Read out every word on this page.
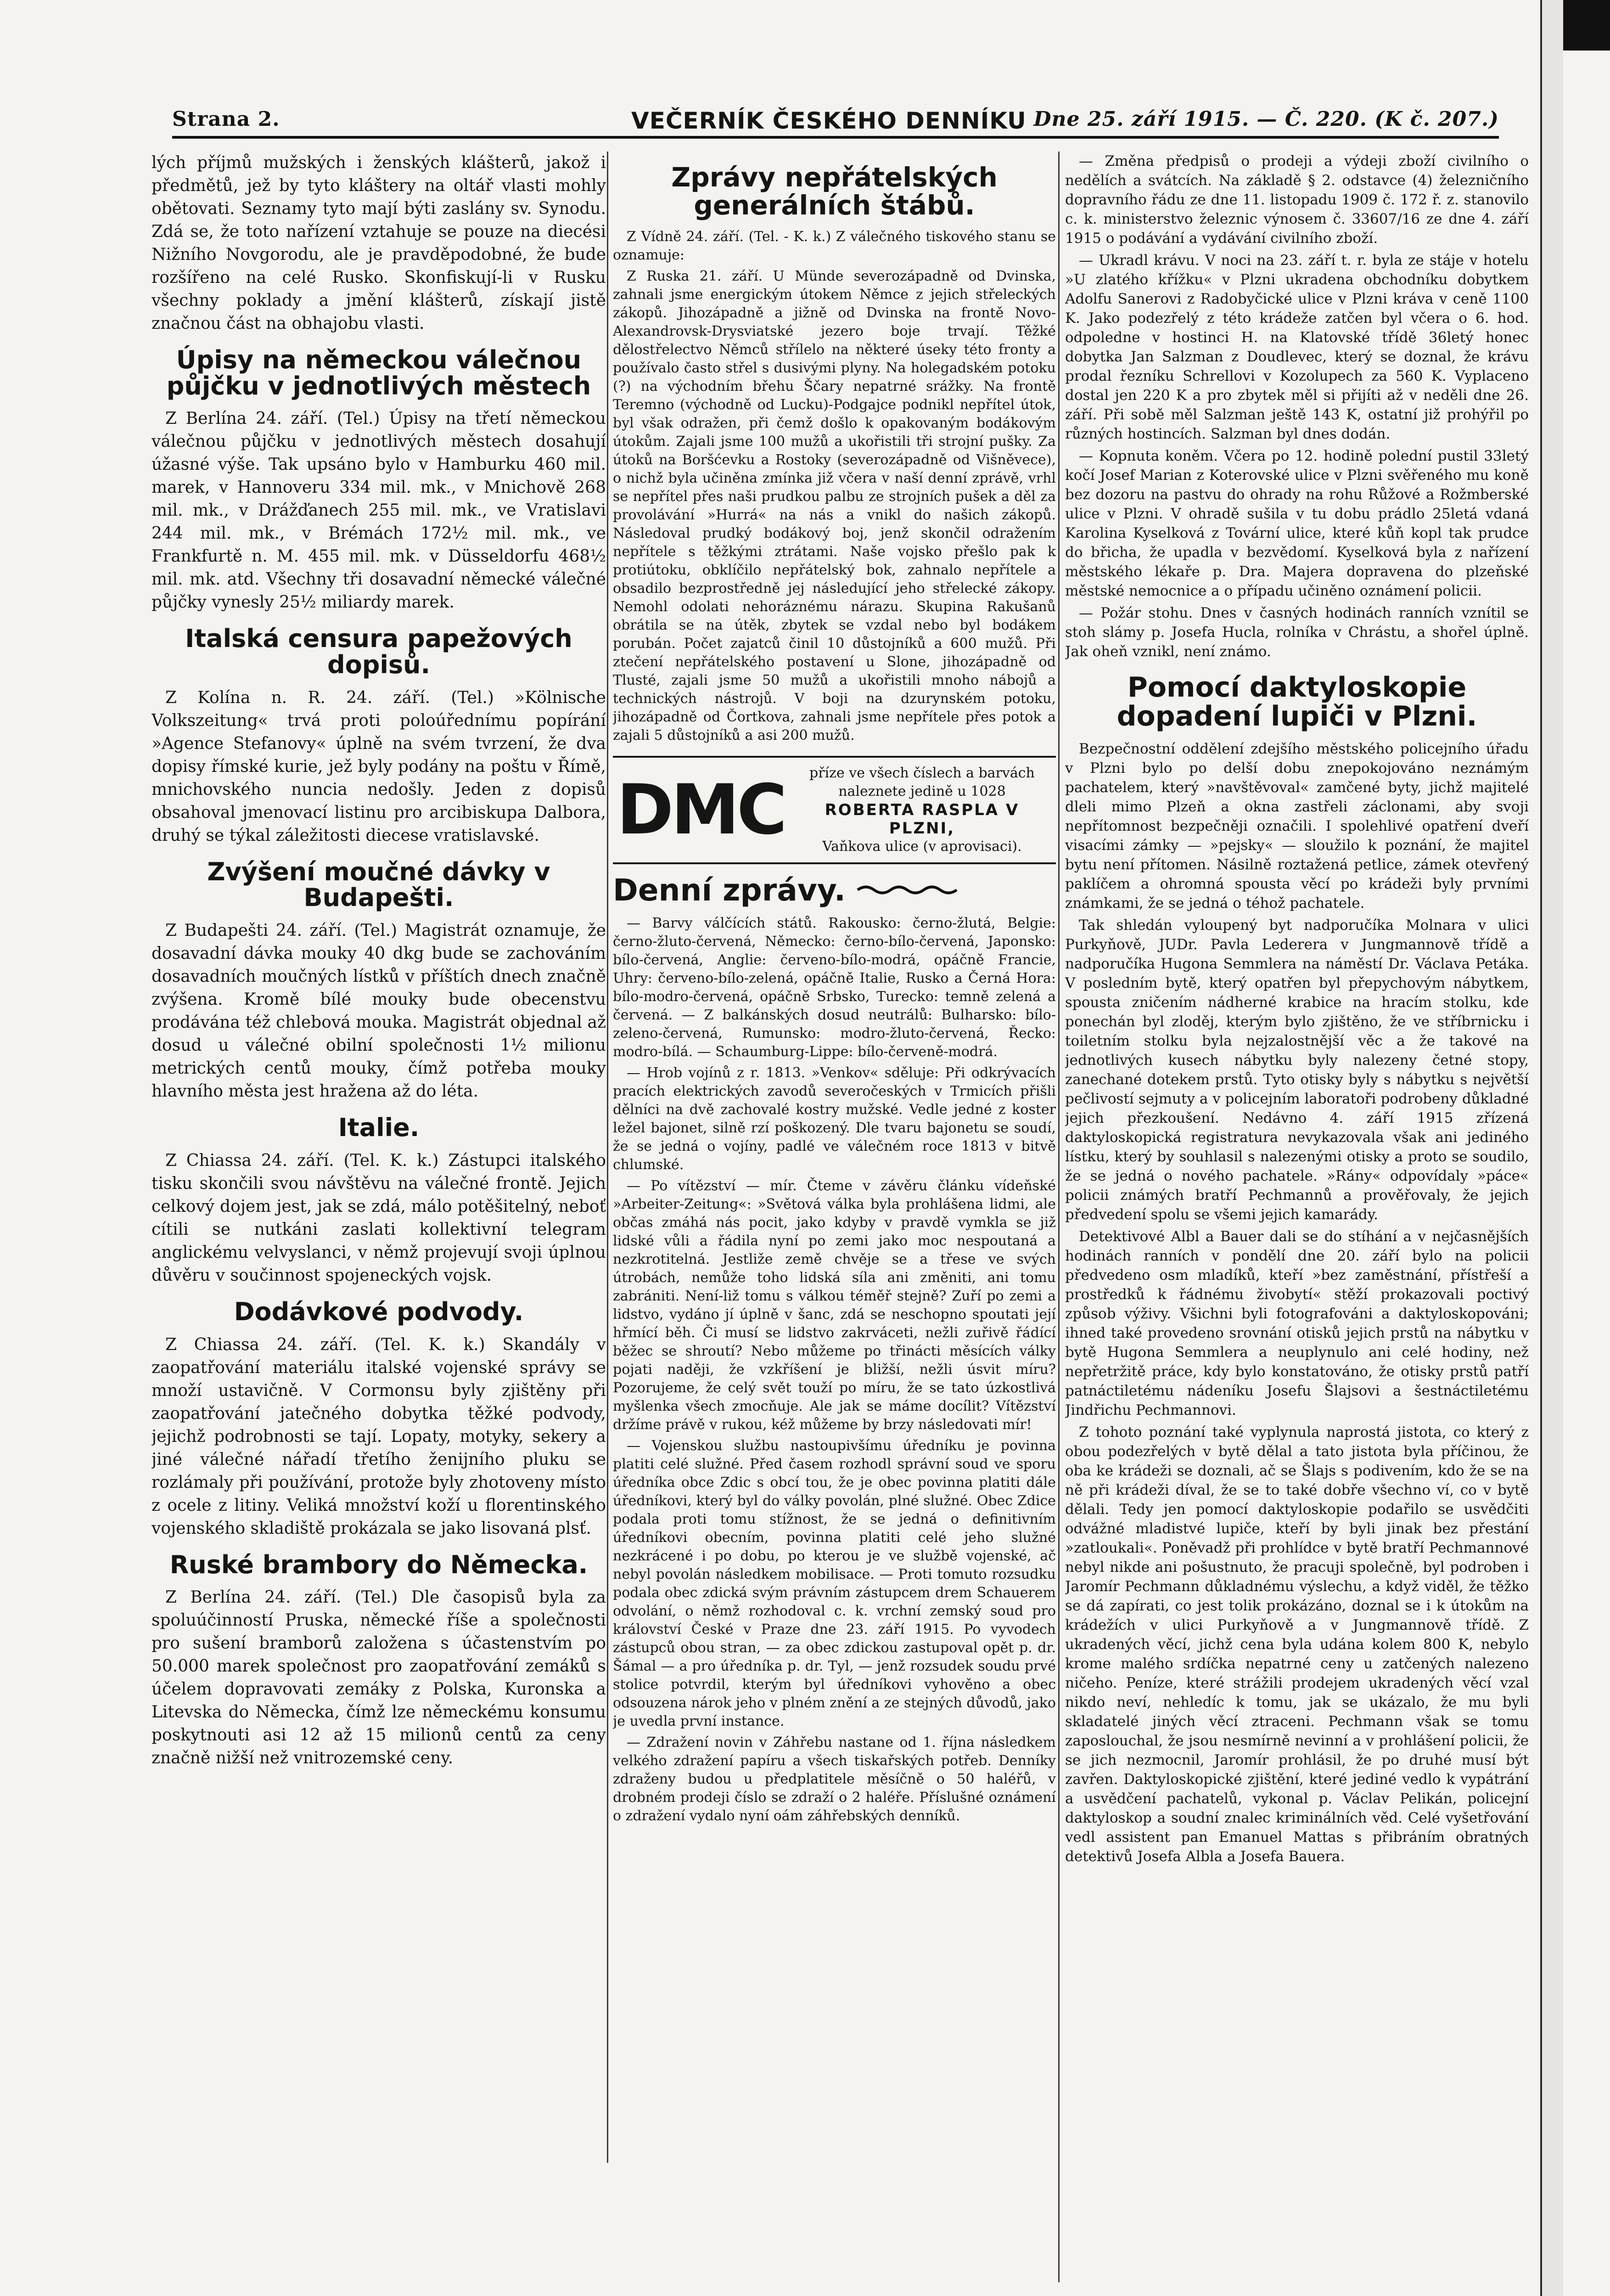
Strana 2.	VEČERNÍK ČESKÉHO DENNÍKU Dne 25. září 1915. — Č. 220. (K č. 207.)

lých příjmů mužských i ženských klášterů, jakož i předmětů, jež by tyto kláštery na oltář vlasti mohly obětovati. Seznamy tyto mají býti zaslány sv. Synodu. Zdá se, že toto nařízení vztahuje se pouze na diecési Nižního Novgorodu, ale je pravděpodobné, že bude rozšířeno na celé Rusko. Skonfiskují-li v Rusku všechny poklady a jmění klášterů, získají jistě značnou část na obhajobu vlasti.

Úpisy na německou válečnou půjčku v jednotlivých městech

Z Berlína 24. září. (Tel.) Úpisy na třetí německou válečnou půjčku v jednotlivých městech dosahují úžasné výše. Tak upsáno bylo v Hamburku 460 mil. marek, v Hannoveru 334 mil. mk., v Mnichově 268 mil. mk., v Drážďanech 255 mil. mk., ve Vratislavi 244 mil. mk., v Brémách 172½ mil. mk., ve Frankfurtě n. M. 455 mil. mk. v Düsseldorfu 468½ mil. mk. atd. Všechny tři dosavadní německé válečné půjčky vynesly 25½ miliardy marek.

Italská censura papežových dopisů.

Z Kolína n. R. 24. září. (Tel.) »Kölnische Volkszeitung« trvá proti poloúřednímu popírání »Agence Stefanovy« úplně na svém tvrzení, že dva dopisy římské kurie, jež byly podány na poštu v Římě, mnichovského nuncia nedošly. Jeden z dopisů obsahoval jmenovací listinu pro arcibiskupa Dalbora, druhý se týkal záležitosti diecese vratislavské.

Zvýšení moučné dávky v Budapešti.

Z Budapešti 24. září. (Tel.) Magistrát oznamuje, že dosavadní dávka mouky 40 dkg bude se zachováním dosavadních moučných lístků v příštích dnech značně zvýšena. Kromě bílé mouky bude obecenstvu prodávána též chlebová mouka. Magistrát objednal až dosud u válečné obilní společnosti 1½ milionu metrických centů mouky, čímž potřeba mouky hlavního města jest hražena až do léta.

Italie.

Z Chiassa 24. září. (Tel. K. k.) Zástupci italského tisku skončili svou návštěvu na válečné frontě. Jejich celkový dojem jest, jak se zdá, málo potěšitelný, neboť cítili se nutkáni zaslati kollektivní telegram anglickému velvyslanci, v němž projevují svoji úplnou důvěru v součinnost spojeneckých vojsk.

Dodávkové podvody.

Z Chiassa 24. září. (Tel. K. k.) Skandály v zaopatřování materiálu italské vojenské správy se množí ustavičně. V Cormonsu byly zjištěny při zaopatřování jatečného dobytka těžké podvody, jejichž podrobnosti se tají. Lopaty, motyky, sekery a jiné válečné nářadí třetího ženijního pluku se rozlámaly při používání, protože byly zhotoveny místo z ocele z litiny. Veliká množství koží u florentinského vojenského skladiště prokázala se jako lisovaná plsť.

Ruské brambory do Německa.

Z Berlína 24. září. (Tel.) Dle časopisů byla za spoluúčinností Pruska, německé říše a společnosti pro sušení bramborů založena s účastenstvím po 50.000 marek společnost pro zaopatřování zemáků s účelem dopravovati zemáky z Polska, Kuronska a Litevska do Německa, čímž lze německému konsumu poskytnouti asi 12 až 15 milionů centů za ceny značně nižší než vnitrozemské ceny.

Zprávy nepřátelských generálních štábů.

Z Vídně 24. září. (Tel. - K. k.) Z válečného tiskového stanu se oznamuje:

Z Ruska 21. září. U Münde severozápadně od Dvinska, zahnali jsme energickým útokem Němce z jejich střeleckých zákopů. Jihozápadně a jižně od Dvinska na frontě Novo-Alexandrovsk-Drysviatské jezero boje trvají. Těžké dělostřelectvo Němců střílelo na některé úseky této fronty a používalo často střel s dusivými plyny. Na holegadském potoku (?) na východním břehu Ščary nepatrné srážky. Na frontě Teremno (východně od Lucku)-Podgajce podnikl nepřítel útok, byl však odražen, při čemž došlo k opakovaným bodákovým útokům. Zajali jsme 100 mužů a ukořistili tři strojní pušky. Za útoků na Boršćevku a Rostoky (severozápadně od Višněvece), o nichž byla učiněna zmínka již včera v naší denní zprávě, vrhl se nepřítel přes naši prudkou palbu ze strojních pušek a děl za provolávání »Hurrá« na nás a vnikl do našich zákopů. Následoval prudký bodákový boj, jenž skončil odražením nepřítele s těžkými ztrátami. Naše vojsko přešlo pak k protiútoku, obklíčilo nepřátelský bok, zahnalo nepřítele a obsadilo bezprostředně jej následující jeho střelecké zákopy. Nemohl odolati nehoráznému nárazu. Skupina Rakušanů obrátila se na útěk, zbytek se vzdal nebo byl bodákem porubán. Počet zajatců činil 10 důstojníků a 600 mužů. Při ztečení nepřátelského postavení u Slone, jihozápadně od Tlusté, zajali jsme 50 mužů a ukořistili mnoho nábojů a technických nástrojů. V boji na dzurynském potoku, jihozápadně od Čortkova, zahnali jsme nepřítele přes potok a zajali 5 důstojníků a asi 200 mužů.

DMC	příze ve všech číslech a barvách naleznete jedině u 1028
ROBERTA RASPLA V PLZNI,
Vaňkova ulice (v aprovisaci).
Denní zprávy.

— Barvy válčících států. Rakousko: černo-žlutá, Belgie: černo-žluto-červená, Německo: černo-bílo-červená, Japonsko: bílo-červená, Anglie: červeno-bílo-modrá, opáčně Francie, Uhry: červeno-bílo-zelená, opáčně Italie, Rusko a Černá Hora: bílo-modro-červená, opáčně Srbsko, Turecko: temně zelená a červená. — Z balkánských dosud neutrálů: Bulharsko: bílo-zeleno-červená, Rumunsko: modro-žluto-červená, Řecko: modro-bílá. — Schaumburg-Lippe: bílo-červeně-modrá.

— Hrob vojínů z r. 1813. »Venkov« sděluje: Při odkrývacích pracích elektrických zavodů severočeských v Trmicích přišli dělníci na dvě zachovalé kostry mužské. Vedle jedné z koster ležel bajonet, silně rzí poškozený. Dle tvaru bajonetu se soudí, že se jedná o vojíny, padlé ve válečném roce 1813 v bitvě chlumské.

— Po vítězství — mír. Čteme v závěru článku vídeňské »Arbeiter-Zeitung«: »Světová válka byla prohlášena lidmi, ale občas zmáhá nás pocit, jako kdyby v pravdě vymkla se již lidské vůli a řádila nyní po zemi jako moc nespoutaná a nezkrotitelná. Jestliže země chvěje se a třese ve svých útrobách, nemůže toho lidská síla ani změniti, ani tomu zabrániti. Není-liž tomu s válkou téměř stejně? Zuří po zemi a lidstvo, vydáno jí úplně v šanc, zdá se neschopno spoutati její hřmící běh. Či musí se lidstvo zakrváceti, nežli zuřivě řádící běžec se shroutí? Nebo můžeme po třinácti měsících války pojati naději, že vzkříšení je bližší, nežli úsvit míru? Pozorujeme, že celý svět touží po míru, že se tato úzkostlivá myšlenka všech zmocňuje. Ale jak se máme docílit? Vítězství držíme právě v rukou, kéž můžeme by brzy následovati mír!

— Vojenskou službu nastoupivšímu úředníku je povinna platiti celé služné. Před časem rozhodl správní soud ve sporu úředníka obce Zdic s obcí tou, že je obec povinna platiti dále úředníkovi, který byl do války povolán, plné služné. Obec Zdice podala proti tomu stížnost, že se jedná o definitivním úředníkovi obecním, povinna platiti celé jeho služné nezkrácené i po dobu, po kterou je ve službě vojenské, ač nebyl povolán následkem mobilisace. — Proti tomuto rozsudku podala obec zdická svým právním zástupcem drem Schauerem odvolání, o němž rozhodoval c. k. vrchní zemský soud pro království České v Praze dne 23. září 1915. Po vyvodech zástupců obou stran, — za obec zdickou zastupoval opět p. dr. Šámal — a pro úředníka p. dr. Tyl, — jenž rozsudek soudu prvé stolice potvrdil, kterým byl úředníkovi vyhověno a obec odsouzena nárok jeho v plném znění a ze stejných důvodů, jako je uvedla první instance.

— Zdražení novin v Záhřebu nastane od 1. října následkem velkého zdražení papíru a všech tiskařských potřeb. Denníky zdraženy budou u předplatitele měsíčně o 50 haléřů, v drobném prodeji číslo se zdraží o 2 haléře. Příslušné oznámení o zdražení vydalo nyní oám záhřebských denníků.

— Změna předpisů o prodeji a výdeji zboží civilního o nedělích a svátcích. Na základě § 2. odstavce (4) železničního dopravního řádu ze dne 11. listopadu 1909 č. 172 ř. z. stanovilo c. k. ministerstvo železnic výnosem č. 33607/16 ze dne 4. září 1915 o podávání a vydávání civilního zboží.

— Ukradl krávu. V noci na 23. září t. r. byla ze stáje v hotelu »U zlatého křížku« v Plzni ukradena obchodníku dobytkem Adolfu Sanerovi z Radobyčické ulice v Plzni kráva v ceně 1100 K. Jako podezřelý z této krádeže zatčen byl včera o 6. hod. odpoledne v hostinci H. na Klatovské třídě 36letý honec dobytka Jan Salzman z Doudlevec, který se doznal, že krávu prodal řezníku Schrellovi v Kozolupech za 560 K. Vyplaceno dostal jen 220 K a pro zbytek měl si přijíti až v neděli dne 26. září. Při sobě měl Salzman ještě 143 K, ostatní již prohýřil po různých hostincích. Salzman byl dnes dodán.

— Kopnuta koněm. Včera po 12. hodině polední pustil 33letý kočí Josef Marian z Koterovské ulice v Plzni svěřeného mu koně bez dozoru na pastvu do ohrady na rohu Růžové a Rožmberské ulice v Plzni. V ohradě sušila v tu dobu prádlo 25letá vdaná Karolina Kyselková z Tovární ulice, které kůň kopl tak prudce do břicha, že upadla v bezvědomí. Kyselková byla z nařízení městského lékaře p. Dra. Majera dopravena do plzeňské městské nemocnice a o případu učiněno oznámení policii.

— Požár stohu. Dnes v časných hodinách ranních vznítil se stoh slámy p. Josefa Hucla, rolníka v Chrástu, a shořel úplně. Jak oheň vznikl, není známo.

Pomocí daktyloskopie dopadení lupiči v Plzni.

Bezpečnostní oddělení zdejšího městského policejního úřadu v Plzni bylo po delší dobu znepokojováno neznámým pachatelem, který »navštěvoval« zamčené byty, jichž majitelé dleli mimo Plzeň a okna zastřeli záclonami, aby svoji nepřítomnost bezpečněji označili. I spolehlivé opatření dveří visacími zámky — »pejsky« — sloužilo k poznání, že majitel bytu není přítomen. Násilně roztažená petlice, zámek otevřený paklíčem a ohromná spousta věcí po krádeži byly prvními známkami, že se jedná o téhož pachatele.

Tak shledán vyloupený byt nadporučíka Molnara v ulici Purkyňově, JUDr. Pavla Lederera v Jungmannově třídě a nadporučíka Hugona Semmlera na náměstí Dr. Václava Petáka. V posledním bytě, který opatřen byl přepychovým nábytkem, spousta zničením nádherné krabice na hracím stolku, kde ponechán byl zloděj, kterým bylo zjištěno, že ve stříbrnicku i toiletním stolku byla nejzalostnější věc a že takové na jednotlivých kusech nábytku byly nalezeny četné stopy, zanechané dotekem prstů. Tyto otisky byly s nábytku s největší pečlivostí sejmuty a v policejním laboratoři podrobeny důkladné jejich přezkoušení. Nedávno 4. září 1915 zřízená daktyloskopická registratura nevykazovala však ani jediného lístku, který by souhlasil s nalezenými otisky a proto se soudilo, že se jedná o nového pachatele. »Rány« odpovídaly »páce« policii známých bratří Pechmannů a prověřovaly, že jejich předvedení spolu se všemi jejich kamarády.

Detektivové Albl a Bauer dali se do stíhání a v nejčasnějších hodinách ranních v pondělí dne 20. září bylo na policii předvedeno osm mladíků, kteří »bez zaměstnání, přístřeší a prostředků k řádnému živobytí« stěží prokazovali poctivý způsob výživy. Všichni byli fotografováni a daktyloskopováni; ihned také provedeno srovnání otisků jejich prstů na nábytku v bytě Hugona Semmlera a neuplynulo ani celé hodiny, než nepřetržitě práce, kdy bylo konstatováno, že otisky prstů patří patnáctiletému nádeníku Josefu Šlajsovi a šestnáctiletému Jindřichu Pechmannovi.

Z tohoto poznání také vyplynula naprostá jistota, co který z obou podezřelých v bytě dělal a tato jistota byla příčinou, že oba ke krádeži se doznali, ač se Šlajs s podivením, kdo že se na ně při krádeži díval, že se to také dobře všechno ví, co v bytě dělali. Tedy jen pomocí daktyloskopie podařilo se usvědčiti odvážné mladistvé lupiče, kteří by byli jinak bez přestání »zatloukali«. Poněvadž při prohlídce v bytě bratří Pechmannové nebyl nikde ani pošustnuto, že pracuji společně, byl podroben i Jaromír Pechmann důkladnému výslechu, a když viděl, že těžko se dá zapírati, co jest tolik prokázáno, doznal se i k útokům na krádežích v ulici Purkyňově a v Jungmannově třídě. Z ukradených věcí, jichž cena byla udána kolem 800 K, nebylo krome malého srdíčka nepatrné ceny u zatčených nalezeno ničeho. Peníze, které strážili prodejem ukradených věcí vzal nikdo neví, nehledíc k tomu, jak se ukázalo, že mu byli skladatelé jiných věcí ztraceni. Pechmann však se tomu zaposlouchal, že jsou nesmírně nevinní a v prohlášení policii, že se jich nezmocnil, Jaromír prohlásil, že po druhé musí být zavřen. Daktyloskopické zjištění, které jediné vedlo k vypátrání a usvědčení pachatelů, vykonal p. Václav Pelikán, policejní daktyloskop a soudní znalec kriminálních věd. Celé vyšetřování vedl assistent pan Emanuel Mattas s přibráním obratných detektivů Josefa Albla a Josefa Bauera.
